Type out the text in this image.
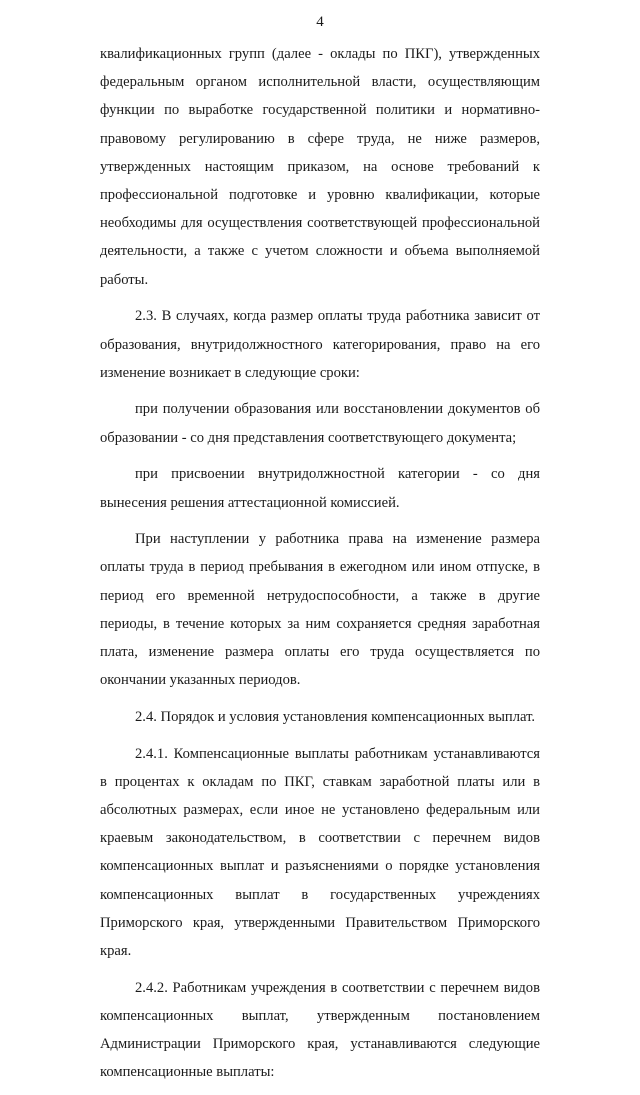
4

квалификационных групп (далее - оклады по ПКГ), утвержденных федеральным органом исполнительной власти, осуществляющим функции по выработке государственной политики и нормативно-правовому регулированию в сфере труда, не ниже размеров, утвержденных настоящим приказом, на основе требований к профессиональной подготовке и уровню квалификации, которые необходимы для осуществления соответствующей профессиональной деятельности, а также с учетом сложности и объема выполняемой работы.

2.3. В случаях, когда размер оплаты труда работника зависит от образования, внутридолжностного категорирования, право на его изменение возникает в следующие сроки:

при получении образования или восстановлении документов об образовании - со дня представления соответствующего документа;

при присвоении внутридолжностной категории - со дня вынесения решения аттестационной комиссией.

При наступлении у работника права на изменение размера оплаты труда в период пребывания в ежегодном или ином отпуске, в период его временной нетрудоспособности, а также в другие периоды, в течение которых за ним сохраняется средняя заработная плата, изменение размера оплаты его труда осуществляется по окончании указанных периодов.

2.4. Порядок и условия установления компенсационных выплат.

2.4.1. Компенсационные выплаты работникам устанавливаются в процентах к окладам по ПКГ, ставкам заработной платы или в абсолютных размерах, если иное не установлено федеральным или краевым законодательством, в соответствии с перечнем видов компенсационных выплат и разъяснениями о порядке установления компенсационных выплат в государственных учреждениях Приморского края, утвержденными Правительством Приморского края.

2.4.2. Работникам учреждения в соответствии с перечнем видов компенсационных выплат, утвержденным постановлением Администрации Приморского края, устанавливаются следующие компенсационные выплаты:
